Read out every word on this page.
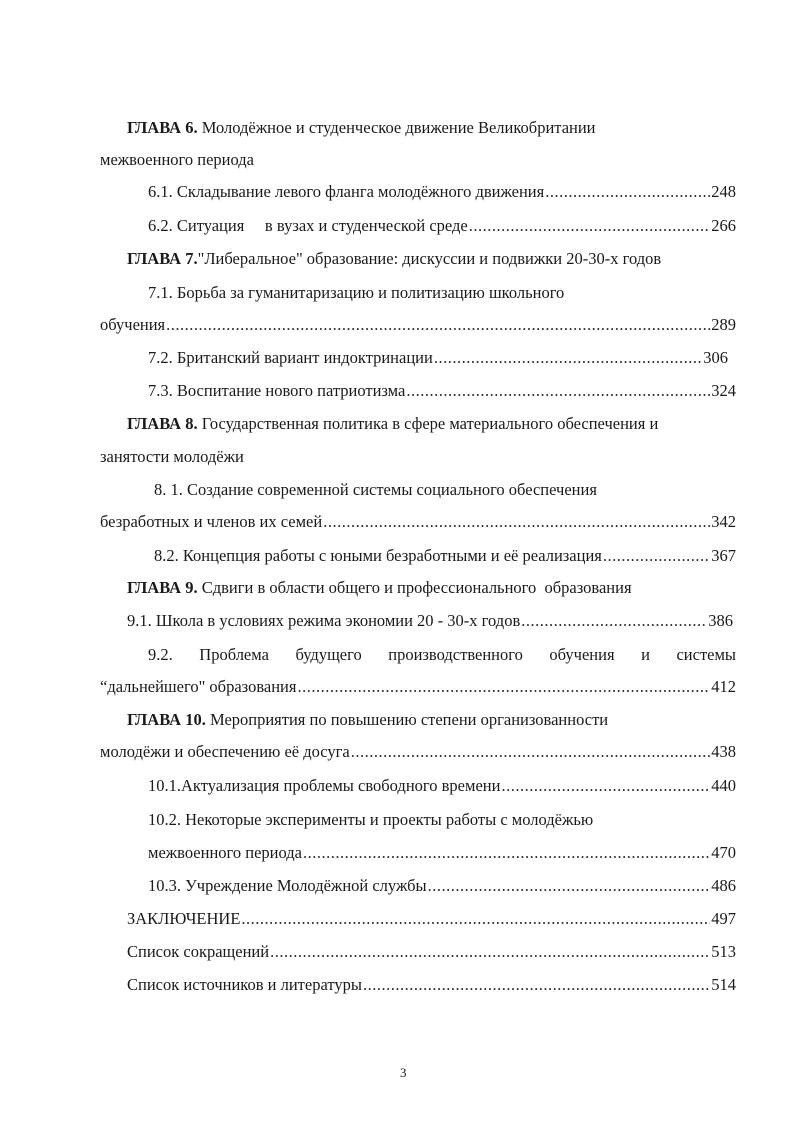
ГЛАВА 6. Молодёжное и студенческое движение Великобритании
межвоенного периода
6.1. Складывание левого фланга молодёжного движения .....	248
6.2. Ситуация     в вузах и студенческой среде .....	266
ГЛАВА 7."Либеральное" образование: дискуссии и подвижки 20-30-х годов
7.1. Борьба за гуманитаризацию и политизацию школьного
обучения .....	289
7.2. Британский вариант индоктринации .....	306
7.3. Воспитание нового патриотизма .....	324
ГЛАВА 8. Государственная политика в сфере материального обеспечения и
занятости молодёжи
8. 1. Создание современной системы социального обеспечения
безработных и членов их семей .....	342
8.2. Концепция работы с юными безработными и её реализация .....	367
ГЛАВА 9. Сдвиги в области общего и профессионального  образования
9.1. Школа в условиях режима экономии 20 - 30-х годов .....	386
9.2. Проблема будущего производственного обучения и системы
“дальнейшего" образования .....	412
ГЛАВА 10. Мероприятия по повышению степени организованности
молодёжи и обеспечению её досуга .....	438
10.1.Актуализация проблемы свободного времени .....	440
10.2. Некоторые эксперименты и проекты работы с молодёжью
межвоенного периода .....	470
10.3. Учреждение Молодёжной службы .....	486
ЗАКЛЮЧЕНИЕ .....	497
Список сокращений .....	513
Список источников и литературы .....	514
3
